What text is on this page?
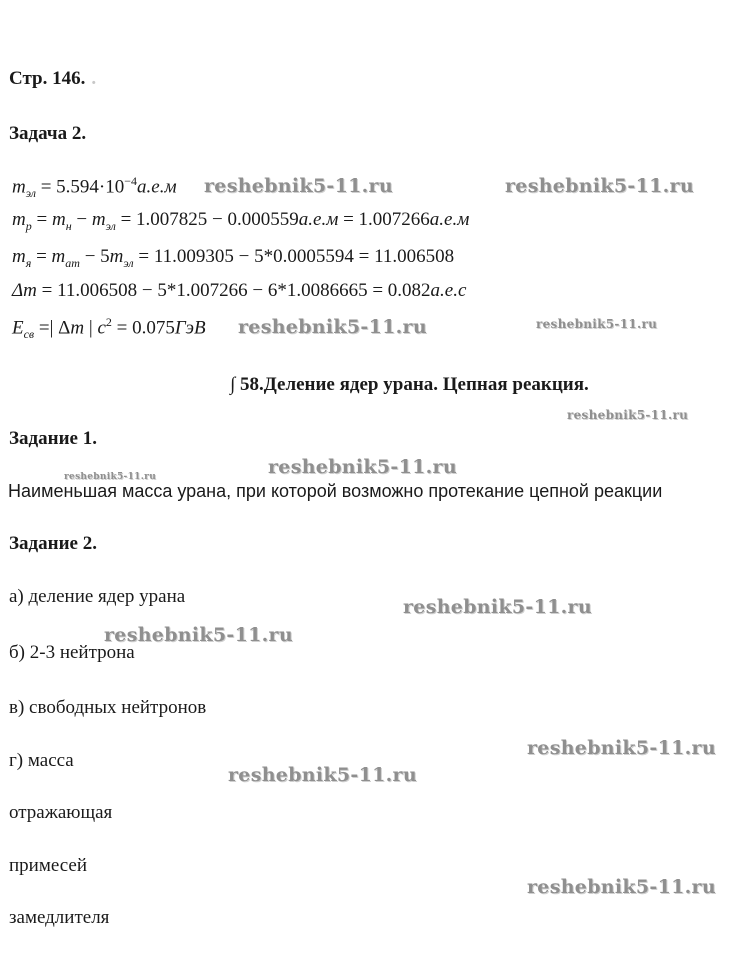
Стр. 146. .
Задача 2.
$m_{эл} = 5.594\cdot 10^{-4}а.е.м$
$m_p = m_н - m_{эл} = 1.007825 - 0.000559а.е.м = 1.007266а.е.м$
$m_я = m_{ат} - 5m_{эл} = 11.009305 - 5*0.0005594 = 11.006508$
Δm = 11.006508 − 5*1.007266 − 6*1.0086665 = 0.082а.е.с
$E_{св}$ =| Δm | $c^2 = 0.075ГэВ$
∫ 58.Деление ядер урана. Цепная реакция.
Задание 1.
Наименьшая масса урана, при которой возможно протекание цепной реакции
Задание 2.
а) деление ядер урана
б) 2-3 нейтрона
в) свободных нейтронов
г) масса
отражающая
примесей
замедлителя
reshebnik5-11.ru	reshebnik5-11.ru
reshebnik5-11.ru	reshebnik5-11.ru
reshebnik5-11.ru
reshebnik5-11.ru	reshebnik5-11.ru
reshebnik5-11.ru
reshebnik5-11.ru
reshebnik5-11.ru
reshebnik5-11.ru
reshebnik5-11.ru
